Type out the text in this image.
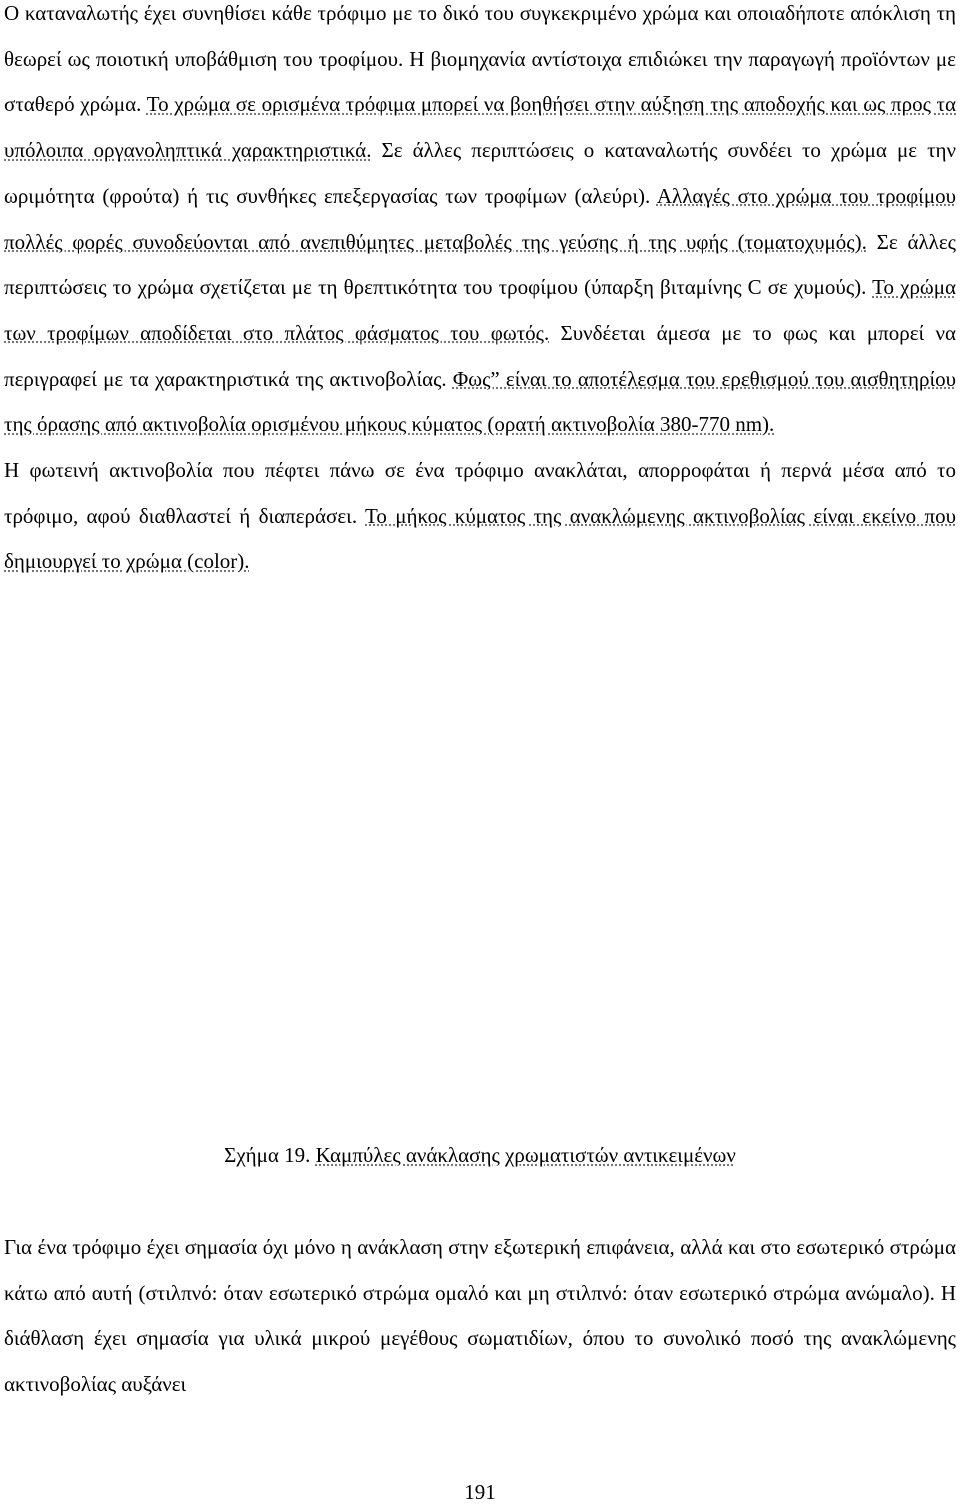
Ο καταναλωτής έχει συνηθίσει κάθε τρόφιμο με το δικό του συγκεκριμένο χρώμα και οποιαδήποτε απόκλιση τη θεωρεί ως ποιοτική υποβάθμιση του τροφίμου. Η βιομηχανία αντίστοιχα επιδιώκει την παραγωγή προϊόντων με σταθερό χρώμα. Το χρώμα σε ορισμένα τρόφιμα μπορεί να βοηθήσει στην αύξηση της αποδοχής και ως προς τα υπόλοιπα οργανοληπτικά χαρακτηριστικά. Σε άλλες περιπτώσεις ο καταναλωτής συνδέει το χρώμα με την ωριμότητα (φρούτα) ή τις συνθήκες επεξεργασίας των τροφίμων (αλεύρι). Αλλαγές στο χρώμα του τροφίμου πολλές φορές συνοδεύονται από ανεπιθύμητες μεταβολές της γεύσης ή της υφής (τοματοχυμός). Σε άλλες περιπτώσεις το χρώμα σχετίζεται με τη θρεπτικότητα του τροφίμου (ύπαρξη βιταμίνης C σε χυμούς). Το χρώμα των τροφίμων αποδίδεται στο πλάτος φάσματος του φωτός. Συνδέεται άμεσα με το φως και μπορεί να περιγραφεί με τα χαρακτηριστικά της ακτινοβολίας. Φως” είναι το αποτέλεσμα του ερεθισμού του αισθητηρίου της όρασης από ακτινοβολία ορισμένου μήκους κύματος (ορατή ακτινοβολία 380-770 nm).
Η φωτεινή ακτινοβολία που πέφτει πάνω σε ένα τρόφιμο ανακλάται, απορροφάται ή περνά μέσα από το τρόφιμο, αφού διαθλαστεί ή διαπεράσει. Το μήκος κύματος της ανακλώμενης ακτινοβολίας είναι εκείνο που δημιουργεί το χρώμα (color).

Σχήμα 19. Καμπύλες ανάκλασης χρωματιστών αντικειμένων

Για ένα τρόφιμο έχει σημασία όχι μόνο η ανάκλαση στην εξωτερική επιφάνεια, αλλά και στο εσωτερικό στρώμα κάτω από αυτή (στιλπνό: όταν εσωτερικό στρώμα ομαλό και μη στιλπνό: όταν εσωτερικό στρώμα ανώμαλο). Η διάθλαση έχει σημασία για υλικά μικρού μεγέθους σωματιδίων, όπου το συνολικό ποσό της ανακλώμενης ακτινοβολίας αυξάνει

191
